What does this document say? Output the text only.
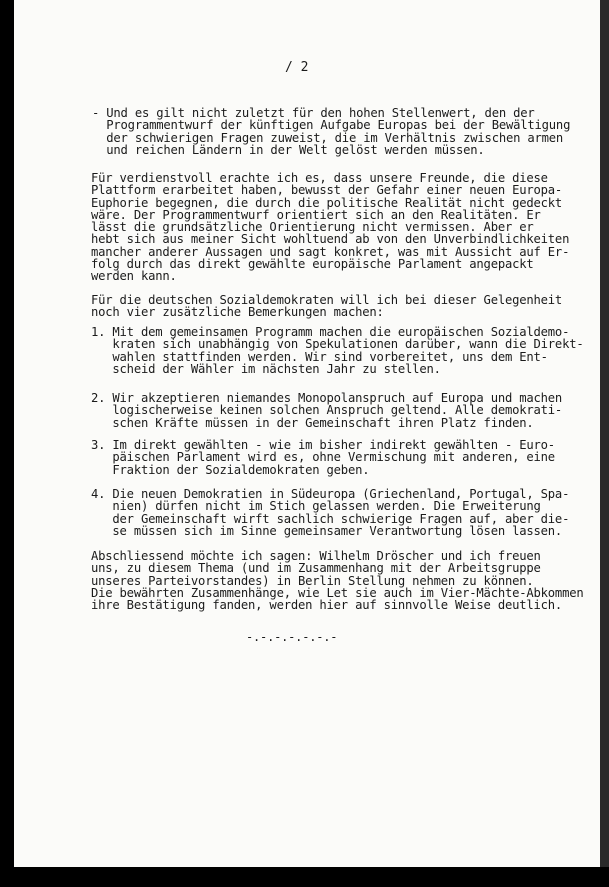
/ 2
- Und es gilt nicht zuletzt für den hohen Stellenwert, den der
Programmentwurf der künftigen Aufgabe Europas bei der Bewältigung
der schwierigen Fragen zuweist, die im Verhältnis zwischen armen
und reichen Ländern in der Welt gelöst werden müssen.
Für verdienstvoll erachte ich es, dass unsere Freunde, die diese
Plattform erarbeitet haben, bewusst der Gefahr einer neuen Europa-
Euphorie begegnen, die durch die politische Realität nicht gedeckt
wäre. Der Programmentwurf orientiert sich an den Realitäten. Er
lässt die grundsätzliche Orientierung nicht vermissen. Aber er
hebt sich aus meiner Sicht wohltuend ab von den Unverbindlichkeiten
mancher anderer Aussagen und sagt konkret, was mit Aussicht auf Er-
folg durch das direkt gewählte europäische Parlament angepackt
werden kann.
Für die deutschen Sozialdemokraten will ich bei dieser Gelegenheit
noch vier zusätzliche Bemerkungen machen:
1. Mit dem gemeinsamen Programm machen die europäischen Sozialdemo-
kraten sich unabhängig von Spekulationen darüber, wann die Direkt-
wahlen stattfinden werden. Wir sind vorbereitet, uns dem Ent-
scheid der Wähler im nächsten Jahr zu stellen.
2. Wir akzeptieren niemandes Monopolanspruch auf Europa und machen
logischerweise keinen solchen Anspruch geltend. Alle demokrati-
schen Kräfte müssen in der Gemeinschaft ihren Platz finden.
3. Im direkt gewählten - wie im bisher indirekt gewählten - Euro-
päischen Parlament wird es, ohne Vermischung mit anderen, eine
Fraktion der Sozialdemokraten geben.
4. Die neuen Demokratien in Südeuropa (Griechenland, Portugal, Spa-
nien) dürfen nicht im Stich gelassen werden. Die Erweiterung
der Gemeinschaft wirft sachlich schwierige Fragen auf, aber die-
se müssen sich im Sinne gemeinsamer Verantwortung lösen lassen.
Abschliessend möchte ich sagen: Wilhelm Dröscher und ich freuen
uns, zu diesem Thema (und im Zusammenhang mit der Arbeitsgruppe
unseres Parteivorstandes) in Berlin Stellung nehmen zu können.
Die bewährten Zusammenhänge, wie Let sie auch im Vier-Mächte-Abkommen
ihre Bestätigung fanden, werden hier auf sinnvolle Weise deutlich.
-.-.-.-.-.-.-
